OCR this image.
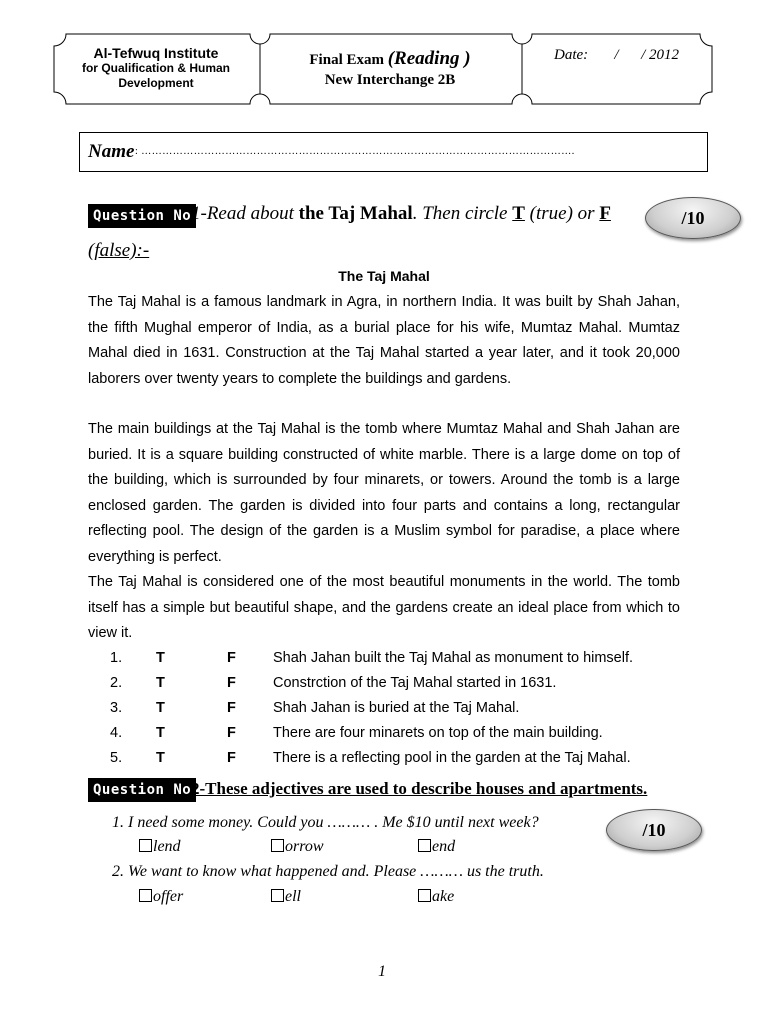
Al-Tefwuq Institute
for Qualification & Human
Development
Final Exam (Reading )
New Interchange 2B
Date: /      / 2012
Name : …………………………………………………………………………………………………………….
Question No 1-Read about the Taj Mahal. Then circle T (true) or F
(false):-
/10
The Taj Mahal
The Taj Mahal is a famous landmark in Agra, in northern India. It was built by Shah Jahan, the fifth Mughal emperor of India, as a burial place for his wife, Mumtaz Mahal. Mumtaz Mahal died in 1631. Construction at the Taj Mahal started a year later, and it took 20,000 laborers over twenty years to complete the buildings and gardens.
The main buildings at the Taj Mahal is the tomb where Mumtaz Mahal and Shah Jahan are buried. It is a square building constructed of white marble. There is a large dome on top of the building, which is surrounded by four minarets, or towers. Around the tomb is a large enclosed garden. The garden is divided into four parts and contains a long, rectangular reflecting pool. The design of the garden is a Muslim symbol for paradise, a place where everything is perfect.
The Taj Mahal is considered one of the most beautiful monuments in the world. The tomb itself has a simple but beautiful shape, and the gardens create an ideal place from which to view it.
1. T	F	Shah Jahan built the Taj Mahal as monument to himself.
2. T	F	Constrction of the Taj Mahal started in 1631.
3. T	F	Shah Jahan is buried at the Taj Mahal.
4. T	F	There are four minarets on top of the main building.
5. T	F	There is a reflecting pool in the garden at the Taj Mahal.
Question No 2-These adjectives are used to describe houses and apartments.
/10
1. I need some money. Could you ……… . Me $10 until next week?
lend	orrow	end
2. We want to know what happened and. Please ……… us the truth.
offer	ell	ake
1
